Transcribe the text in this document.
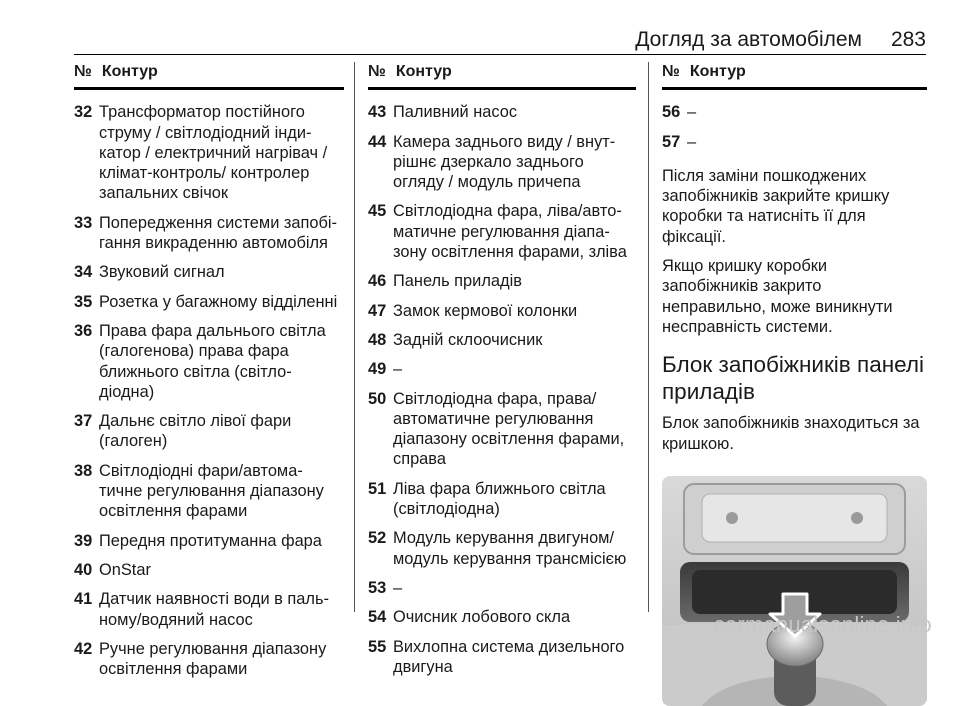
Догляд за автомобілем 283
№ Контур
32 Трансформатор постійного струму / світлодіодний інди-катор / електричний нагрівач / клімат-контроль/ контролер запальних свічок
33 Попередження системи запобі-гання викраденню автомобіля
34 Звуковий сигнал
35 Розетка у багажному відділенні
36 Права фара дальнього світла (галогенова) права фара ближнього світла (світло-діодна)
37 Дальнє світло лівої фари (галоген)
38 Світлодіодні фари/автома-тичне регулювання діапазону освітлення фарами
39 Передня протитуманна фара
40 OnStar
41 Датчик наявності води в паль-ному/водяний насос
42 Ручне регулювання діапазону освітлення фарами
№ Контур
43 Паливний насос
44 Камера заднього виду / внут-рішнє дзеркало заднього огляду / модуль причепа
45 Світлодіодна фара, ліва/авто-матичне регулювання діапа-зону освітлення фарами, зліва
46 Панель приладів
47 Замок кермової колонки
48 Задній склоочисник
49 –
50 Світлодіодна фара, права/ автоматичне регулювання діапазону освітлення фарами, справа
51 Ліва фара ближнього світла (світлодіодна)
52 Модуль керування двигуном/ модуль керування трансмісією
53 –
54 Очисник лобового скла
55 Вихлопна система дизельного двигуна
№ Контур
56 –
57 –

Після заміни пошкоджених запобіжників закрийте кришку коробки та натисніть її для фіксації.

Якщо кришку коробки запобіжників закрито неправильно, може виникнути несправність системи.

Блок запобіжників панелі приладів

Блок запобіжників знаходиться за кришкою.

carmanualsonline.info
